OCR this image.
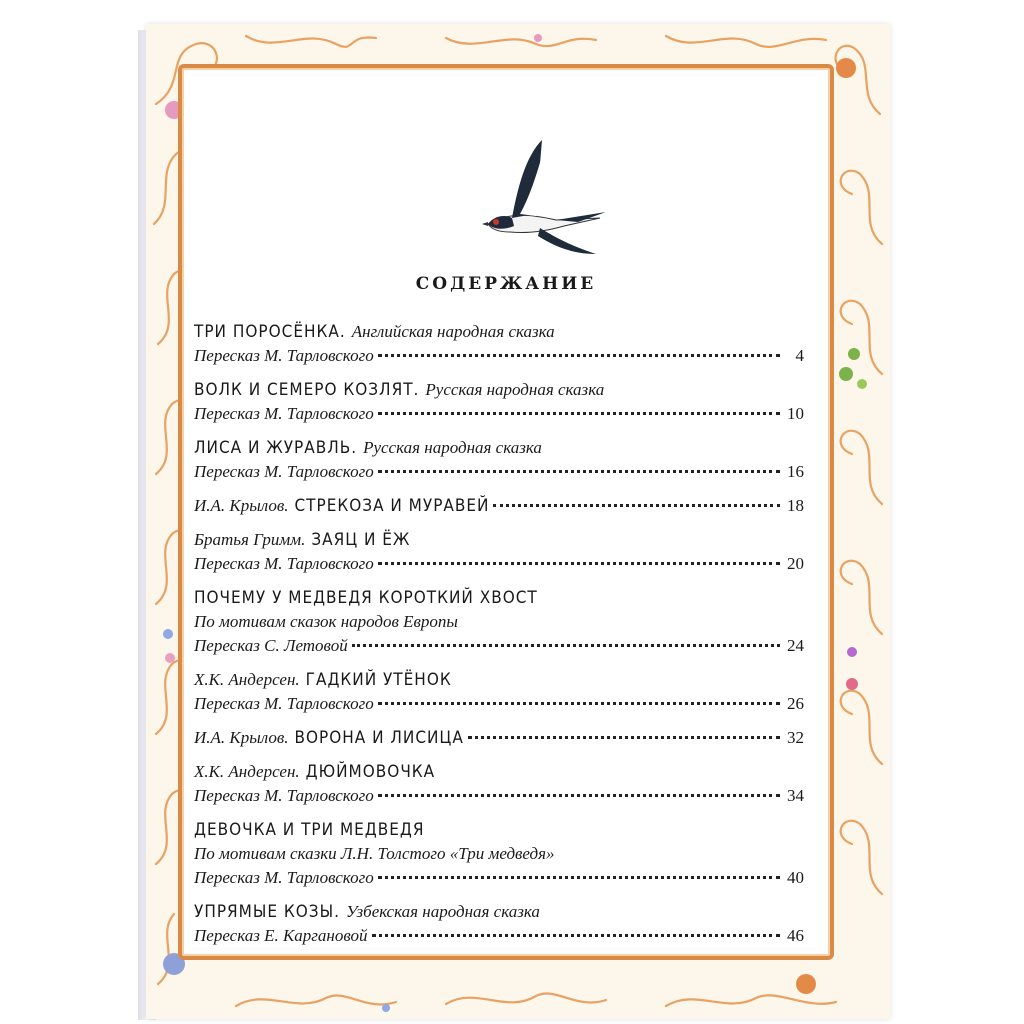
СОДЕРЖАНИЕ
ТРИ ПОРОСЁНКА. Английская народная сказка
Пересказ М. Тарловского	4
ВОЛК И СЕМЕРО КОЗЛЯТ. Русская народная сказка
Пересказ М. Тарловского	10
ЛИСА И ЖУРАВЛЬ. Русская народная сказка
Пересказ М. Тарловского	16
И.А. Крылов. СТРЕКОЗА И МУРАВЕЙ	18
Братья Гримм. ЗАЯЦ И ЁЖ
Пересказ М. Тарловского	20
ПОЧЕМУ У МЕДВЕДЯ КОРОТКИЙ ХВОСТ
По мотивам сказок народов Европы
Пересказ С. Летовой	24
Х.К. Андерсен. ГАДКИЙ УТЁНОК
Пересказ М. Тарловского	26
И.А. Крылов. ВОРОНА И ЛИСИЦА	32
Х.К. Андерсен. ДЮЙМОВОЧКА
Пересказ М. Тарловского	34
ДЕВОЧКА И ТРИ МЕДВЕДЯ
По мотивам сказки Л.Н. Толстого «Три медведя»
Пересказ М. Тарловского	40
УПРЯМЫЕ КОЗЫ. Узбекская народная сказка
Пересказ Е. Каргановой	46
